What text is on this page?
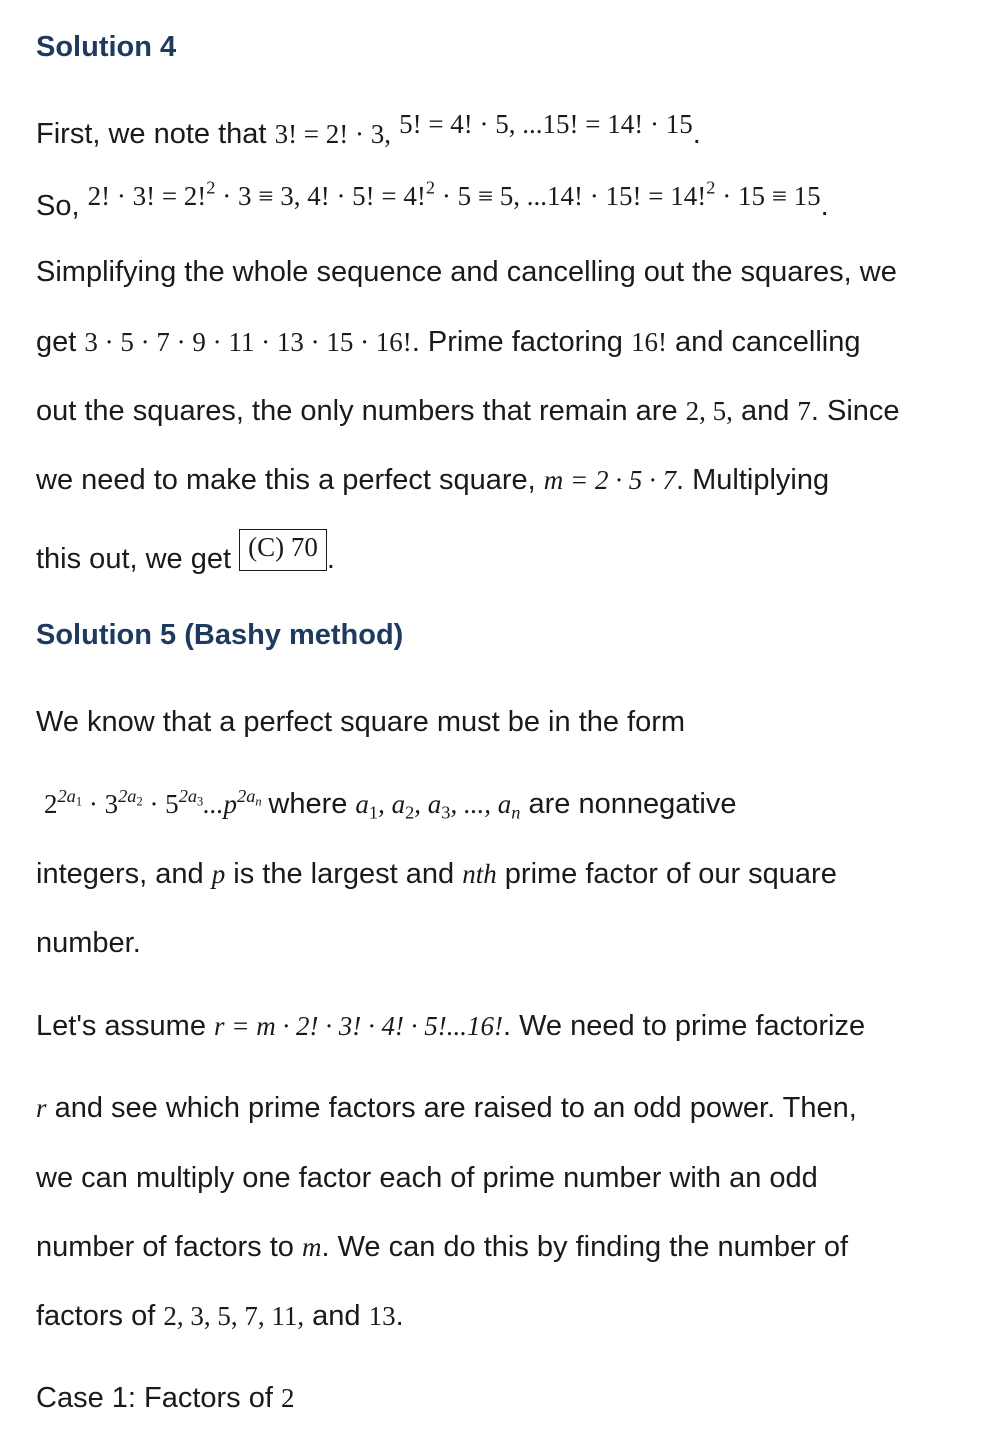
Solution 4

First, we note that 3! = 2! · 3, 5! = 4! · 5, ...15! = 14! · 15.

So, 2! · 3! = 2!$^2$ · 3 ≡ 3, 4! · 5! = 4!$^2$ · 5 ≡ 5, ...14! · 15! = 14!$^2$ · 15 ≡ 15.

Simplifying the whole sequence and cancelling out the squares, we

get 3 · 5 · 7 · 9 · 11 · 13 · 15 · 16!. Prime factoring 16! and cancelling

out the squares, the only numbers that remain are 2, 5, and 7. Since

we need to make this a perfect square, m = 2 · 5 · 7. Multiplying

this out, we get (C) 70 .

Solution 5 (Bashy method)

We know that a perfect square must be in the form

$2^{2a_1} \cdot 3^{2a_2} \cdot 5^{2a_3}...p^{2a_n}$ where $a_1$, $a_2$, $a_3$, ..., $a_n$ are nonnegative

integers, and p is the largest and nth prime factor of our square

number.

Let's assume r = m · 2! · 3! · 4! · 5!...16!. We need to prime factorize

r and see which prime factors are raised to an odd power. Then,

we can multiply one factor each of prime number with an odd

number of factors to m. We can do this by finding the number of

factors of 2, 3, 5, 7, 11, and 13.

Case 1: Factors of 2
